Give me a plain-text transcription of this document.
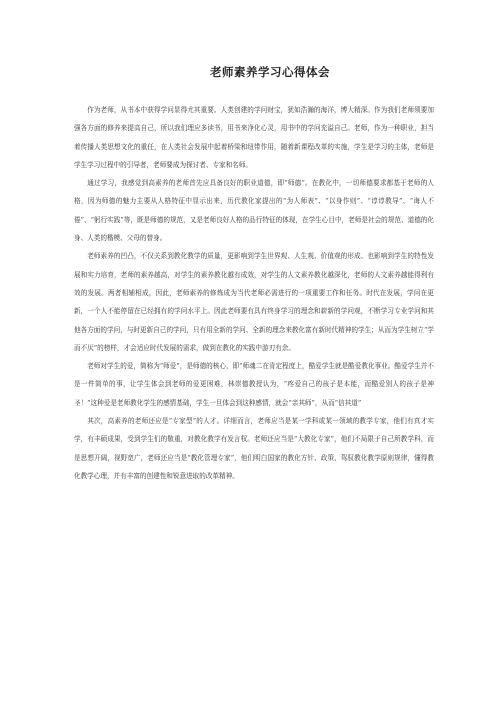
老师素养学习心得体会

作为老师，从书本中获得学问显得尤其重要。人类创建的学问财宝，犹如浩瀚的海洋，博大精深。作为我们老师须要加强各方面的修养来提高自己，所以我们理应多读书，用书来净化心灵，用书中的学问充溢自己。老师，作为一种职业，担当着传播人类思想文化的重任，在人类社会发展中起着桥梁和纽带作用，随着新课程改革的实施，学生是学习的主体，老师是学生学习过程中的引导者，老师要成为探讨者、专家和名师。

通过学习，我感觉到高素养的老师首先应具备良好的职业道德，即“师德”。在教化中，一切师德要求都基于老师的人格，因为师德的魅力主要从人格特征中显示出来，历代教化家提出的“为人师表”、“以身作则”、“谆谆教导”、“诲人不倦”、“躬行实践”等，既是师德的规范，又是老师良好人格的品行特征的体现，在学生心目中，老师是社会的规范、道德的化身、人类的楷模、父母的替身。

老师素养的凹凸，不仅关系到教化教学的质量，更影响到学生世界观、人生观、价值观的形成、也影响到学生的特性发展和实力培育，老师的素养越高，对学生的素养教化越有成效，对学生的人文素养教化越深化，老师的人文素养越能得利有效的发展。两者相辅相成，因此，老师素养的修炼成为当代老师必需进行的一项重要工作和任务。时代在发展，学问在更新，一个人不能停留在已经拥有的学问水平上。因此老师要有具有终身学习的理念和崭新的学问观，不断学习专业学问和其他各方面的学问，与时更新自己的学问，只有用全新的学问、全新的理念来教化富有新时代精神的学生；从而为学生树立“学而不厌”的榜样，才会适应时代发展的需求，做到在教化的实践中游刃有余。

老师对学生的爱，简称为“师爱”，是师德的核心，即“师魂二在肯定程度上，酷爱学生就是酷爱教化事业。酷爱学生并不是一件简单的事，让学生体会到老师的爱更困难，林崇德教授认为，“疼爱自己的孩子是本能，而酷爱别人的孩子是神圣！”这种爱是老师教化学生的感情基础，学生一旦体会到这种感情，就会“亲其师”，从而“信其道”

其次，高素养的老师还应是“专家型”的人才。详细而言，老师应当是某一学科或某一领域的教学专家，他们有真才实学，有丰硕成果，受到学生们的敬重，对教化教学有发言权。老师还应当是“大教化专家”，他们不局限于自己所教学科，而是思想开阔，视野宽广，老师还应当是“教化管理专家”，他们明白国家的教化方针、政策，驾驭教化教学原则规律，懂得教化教学心理，并有丰富的创建性和锐意进取的改革精神。
